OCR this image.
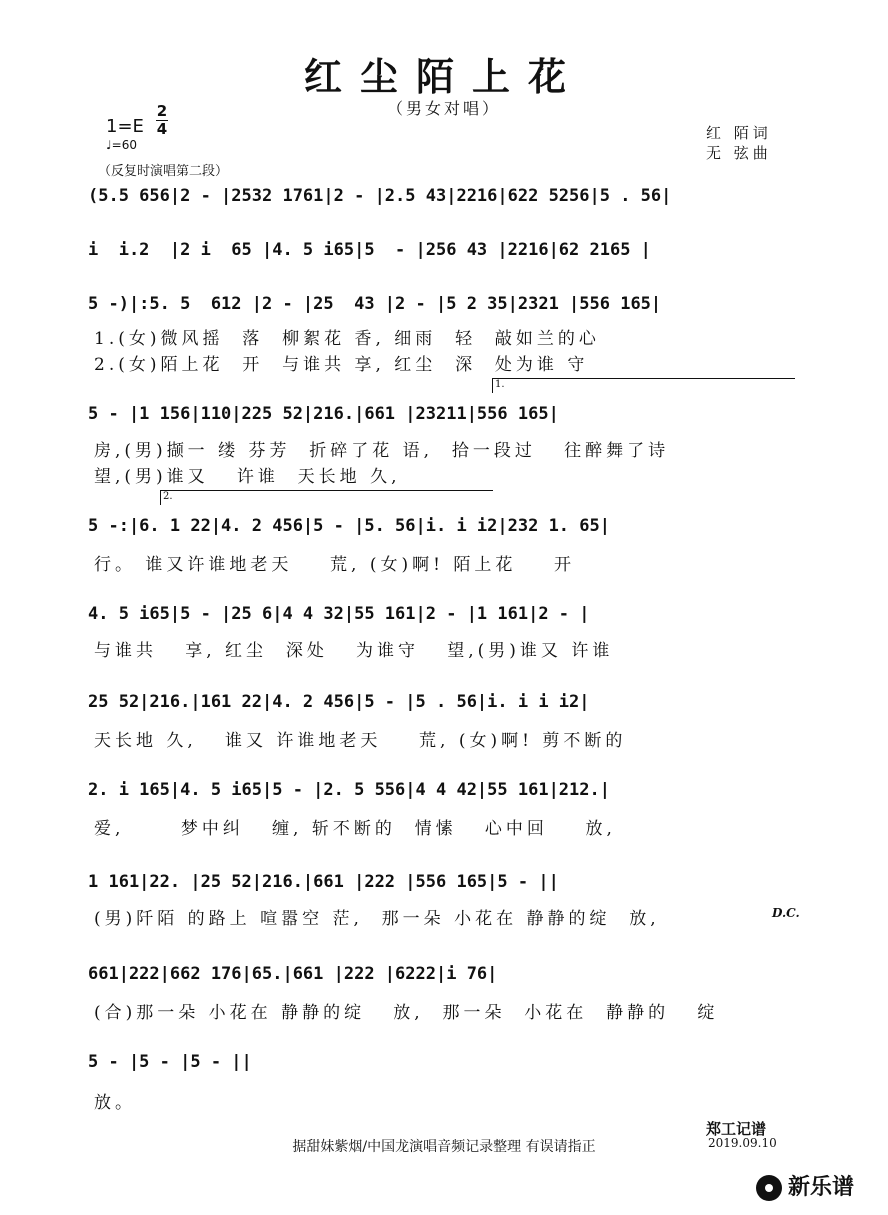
红尘陌上花
（男女对唱）
1=E
2
4
♩=60
（反复时演唱第二段）
红 陌词
无 弦曲
(5.5 656|2 - |2532 1761|2 - |2.5 43|2216|622 5256|5 . 56|
i  i.2  |2 i  65 |4. 5 i65|5  - |256 43 |2216|62 2165 |
5 -)|:5. 5  612 |2 - |25  43 |2 - |5 2 35|2321 |556 165|
1.(女)微风摇  落  柳絮花 香, 细雨  轻  敲如兰的心
2.(女)陌上花  开  与谁共 享, 红尘  深  处为谁 守
1.
5 - |1 156|110|225 52|216.|661 |23211|556 165|
房,(男)撷一 缕 芬芳  折碎了花 语,  拾一段过   往醉舞了诗
望,(男)谁又   许谁  天长地 久,
2.
5 -:|6. 1 22|4. 2 456|5 - |5. 56|i. i i2|232 1. 65|
行。 谁又许谁地老天    荒, (女)啊! 陌上花    开
4. 5 i65|5 - |25 6|4 4 32|55 161|2 - |1 161|2 - |
与谁共   享, 红尘  深处   为谁守   望,(男)谁又 许谁
25 52|216.|161 22|4. 2 456|5 - |5 . 56|i. i i i2|
天长地 久,   谁又 许谁地老天    荒, (女)啊! 剪不断的
2. i 165|4. 5 i65|5 - |2. 5 556|4 4 42|55 161|212.|
爱,      梦中纠   缠, 斩不断的  情愫   心中回    放,
1 161|22. |25 52|216.|661 |222 |556 165|5 - ||
(男)阡陌 的路上 喧嚣空 茫,  那一朵 小花在 静静的绽  放,	D.C.
661|222|662 176|65.|661 |222 |6222|i 76|
(合)那一朵 小花在 静静的绽   放,  那一朵  小花在  静静的   绽
5 - |5 - |5 - ||
放。
据甜妹紫烟/中国龙演唱音频记录整理 有误请指正
郑工记谱
2019.09.10
新乐谱
